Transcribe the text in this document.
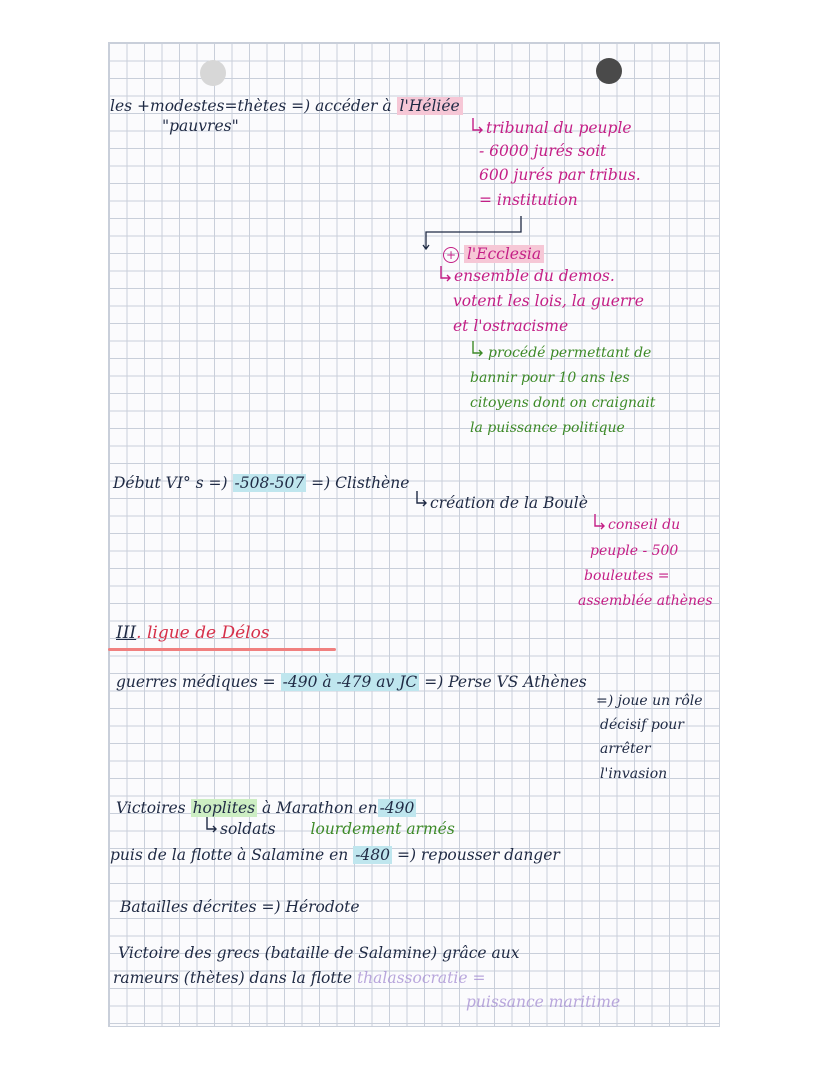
les +modestes=thètes =) accéder à l'Héliée
"pauvres"	tribunal du peuple
- 6000 jurés soit
600 jurés par tribus.
= institution
+ l'Ecclesia
ensemble du demos.
votent les lois, la guerre
et l'ostracisme
procédé permettant de
bannir pour 10 ans les
citoyens dont on craignait
la puissance politique
Début VI° s =) -508-507 =) Clisthène
création de la Boulè
conseil du
peuple - 500
bouleutes =
assemblée athènes
III. ligue de Délos
guerres médiques = -490 à -479 av JC =) Perse VS Athènes
=) joue un rôle
décisif pour
arrêter
l'invasion
Victoires hoplites à Marathon en -490
soldats lourdement armés
puis de la flotte à Salamine en -480 =) repousser danger
Batailles décrites =) Hérodote
Victoire des grecs (bataille de Salamine) grâce aux
rameurs (thètes) dans la flotte thalassocratie =
puissance maritime
